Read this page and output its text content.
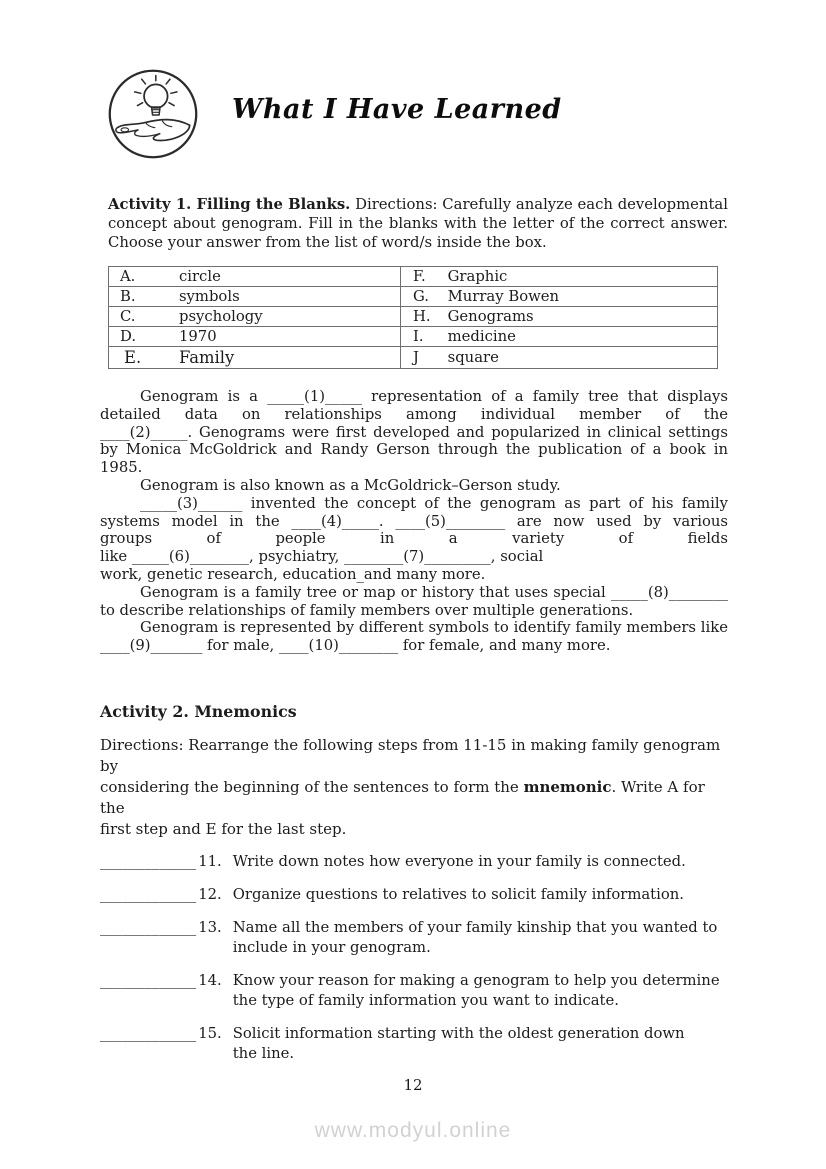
What I Have Learned
Activity 1. Filling the Blanks. Directions: Carefully analyze each developmental
concept about genogram. Fill in the blanks with the letter of the correct answer.
Choose your answer from the list of word/s inside the box.
A.	circle	F.	Graphic
B.	symbols	G.	Murray Bowen
C.	psychology	H.	Genograms
D.	1970	I.	medicine
E.	Family	J	square
Genogram is a _____(1)_____ representation of a family tree that displays
detailed data on relationships among individual member of the
____(2)_____. Genograms were first developed and popularized in clinical settings
by Monica McGoldrick and Randy Gerson through the publication of a book in 1985.
Genogram is also known as a McGoldrick–Gerson study.
_____(3)______ invented the concept of the genogram as part of his family
systems model in the ____(4)_____. ____(5)________ are now used by various
groups of people in a variety of fields
like _____(6)________, psychiatry, ________(7)_________, social
work, genetic research, education_and many more.
Genogram is a family tree or map or history that uses special _____(8)________
to describe relationships of family members over multiple generations.
Genogram is represented by different symbols to identify family members like
____(9)_______ for male, ____(10)________ for female, and many more.
Activity 2. Mnemonics
Directions: Rearrange the following steps from 11-15 in making family genogram by
considering the beginning of the sentences to form the mnemonic. Write A for the
first step and E for the last step.
_____________ 11. Write down notes how everyone in your family is connected.
_____________ 12. Organize questions to relatives to solicit family information.
_____________ 13. Name all the members of your family kinship that you wanted to
include in your genogram.
_____________ 14. Know your reason for making a genogram to help you determine
the type of family information you want to indicate.
_____________ 15. Solicit information starting with the oldest generation down
the line.
12
www.modyul.online
